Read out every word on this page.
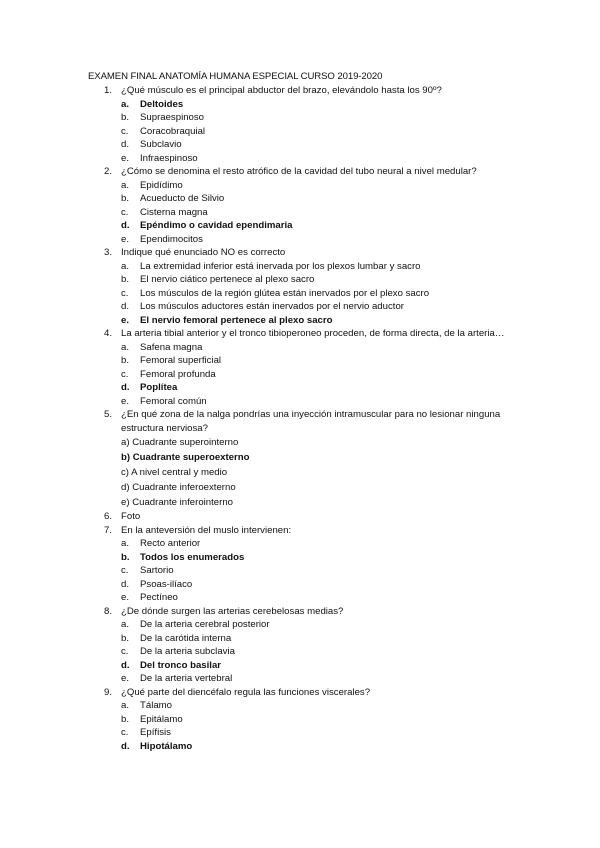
EXAMEN FINAL ANATOMÍA HUMANA ESPECIAL CURSO 2019-2020
1. ¿Qué músculo es el principal abductor del brazo, elevándolo hasta los 90º?
a. Deltoides
b. Supraespinoso
c. Coracobraquial
d. Subclavio
e. Infraespinoso
2. ¿Cómo se denomina el resto atrófico de la cavidad del tubo neural a nivel medular?
a. Epidídimo
b. Acueducto de Silvio
c. Cisterna magna
d. Epéndimo o cavidad ependimaria
e. Ependimocitos
3. Indique qué enunciado NO es correcto
a. La extremidad inferior está inervada por los plexos lumbar y sacro
b. El nervio ciático pertenece al plexo sacro
c. Los músculos de la región glútea están inervados por el plexo sacro
d. Los músculos aductores están inervados por el nervio aductor
e. El nervio femoral pertenece al plexo sacro
4. La arteria tibial anterior y el tronco tibioperoneo proceden, de forma directa, de la arteria…
a. Safena magna
b. Femoral superficial
c. Femoral profunda
d. Poplítea
e. Femoral común
5. ¿En qué zona de la nalga pondrías una inyección intramuscular para no lesionar ninguna estructura nerviosa?
a) Cuadrante superointerno
b) Cuadrante superoexterno
c) A nivel central y medio
d) Cuadrante inferoexterno
e) Cuadrante inferointerno
6. Foto
7. En la anteversión del muslo intervienen:
a. Recto anterior
b. Todos los enumerados
c. Sartorio
d. Psoas-ilíaco
e. Pectíneo
8. ¿De dónde surgen las arterias cerebelosas medias?
a. De la arteria cerebral posterior
b. De la carótida interna
c. De la arteria subclavia
d. Del tronco basilar
e. De la arteria vertebral
9. ¿Qué parte del diencéfalo regula las funciones viscerales?
a. Tálamo
b. Epitálamo
c. Epífisis
d. Hipotálamo
